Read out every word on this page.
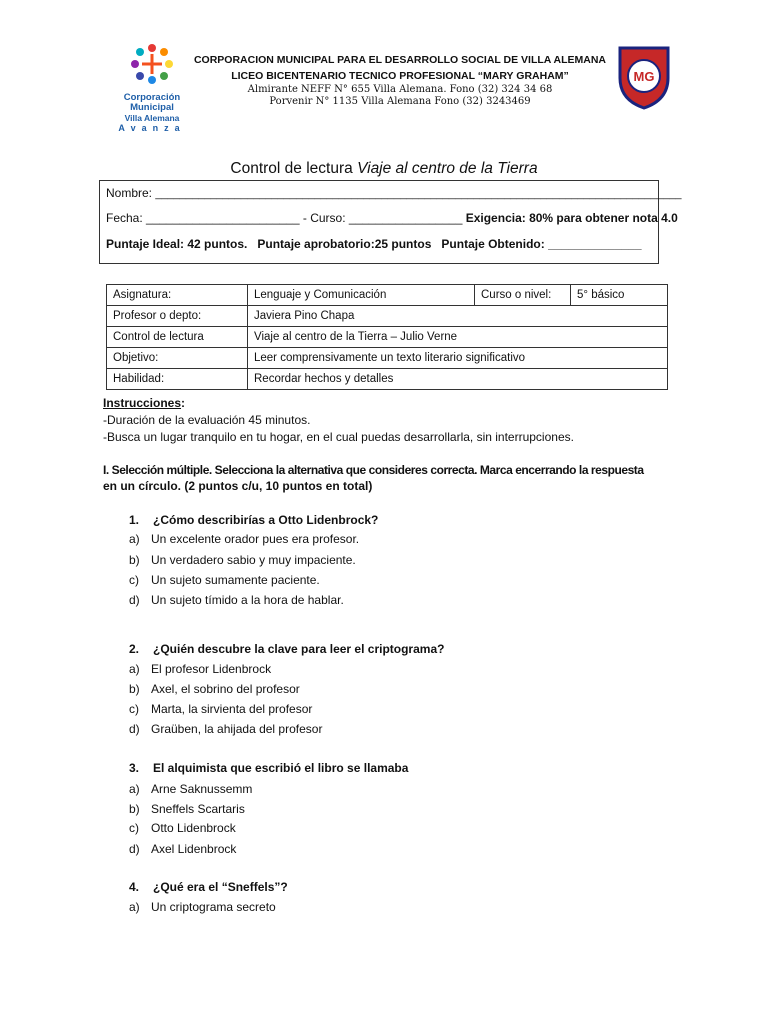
Corporación
Municipal
Villa Alemana
Avanza
CORPORACION MUNICIPAL PARA EL DESARROLLO SOCIAL DE VILLA ALEMANA
LICEO BICENTENARIO TECNICO PROFESIONAL “MARY GRAHAM”
Almirante NEFF N° 655 Villa Alemana. Fono (32) 324 34 68
Porvenir N° 1135 Villa Alemana Fono (32) 3243469
MG
Control de lectura Viaje al centro de la Tierra
Nombre: ______________________________________________________________________________________
Fecha: _______________________ - Curso: _________________ Exigencia: 80% para obtener nota 4.0
Puntaje Ideal: 42 puntos. Puntaje aprobatorio:25 puntos Puntaje Obtenido: ______________
Asignatura:	Lenguaje y Comunicación	Curso o nivel:	5° básico
Profesor o depto:	Javiera Pino Chapa		
Control de lectura	Viaje al centro de la Tierra – Julio Verne		
Objetivo:	Leer comprensivamente un texto literario significativo		
Habilidad:	Recordar hechos y detalles		
Instrucciones:
-Duración de la evaluación 45 minutos.
-Busca un lugar tranquilo en tu hogar, en el cual puedas desarrollarla, sin interrupciones.
I. Selección múltiple. Selecciona la alternativa que consideres correcta. Marca encerrando la respuesta
en un círculo. (2 puntos c/u, 10 puntos en total)
1. ¿Cómo describirías a Otto Lidenbrock?
a) Un excelente orador pues era profesor.
b) Un verdadero sabio y muy impaciente.
c) Un sujeto sumamente paciente.
d) Un sujeto tímido a la hora de hablar.
2. ¿Quién descubre la clave para leer el criptograma?
a) El profesor Lidenbrock
b) Axel, el sobrino del profesor
c) Marta, la sirvienta del profesor
d) Graüben, la ahijada del profesor
3. El alquimista que escribió el libro se llamaba
a) Arne Saknussemm
b) Sneffels Scartaris
c) Otto Lidenbrock
d) Axel Lidenbrock
4. ¿Qué era el “Sneffels”?
a) Un criptograma secreto
